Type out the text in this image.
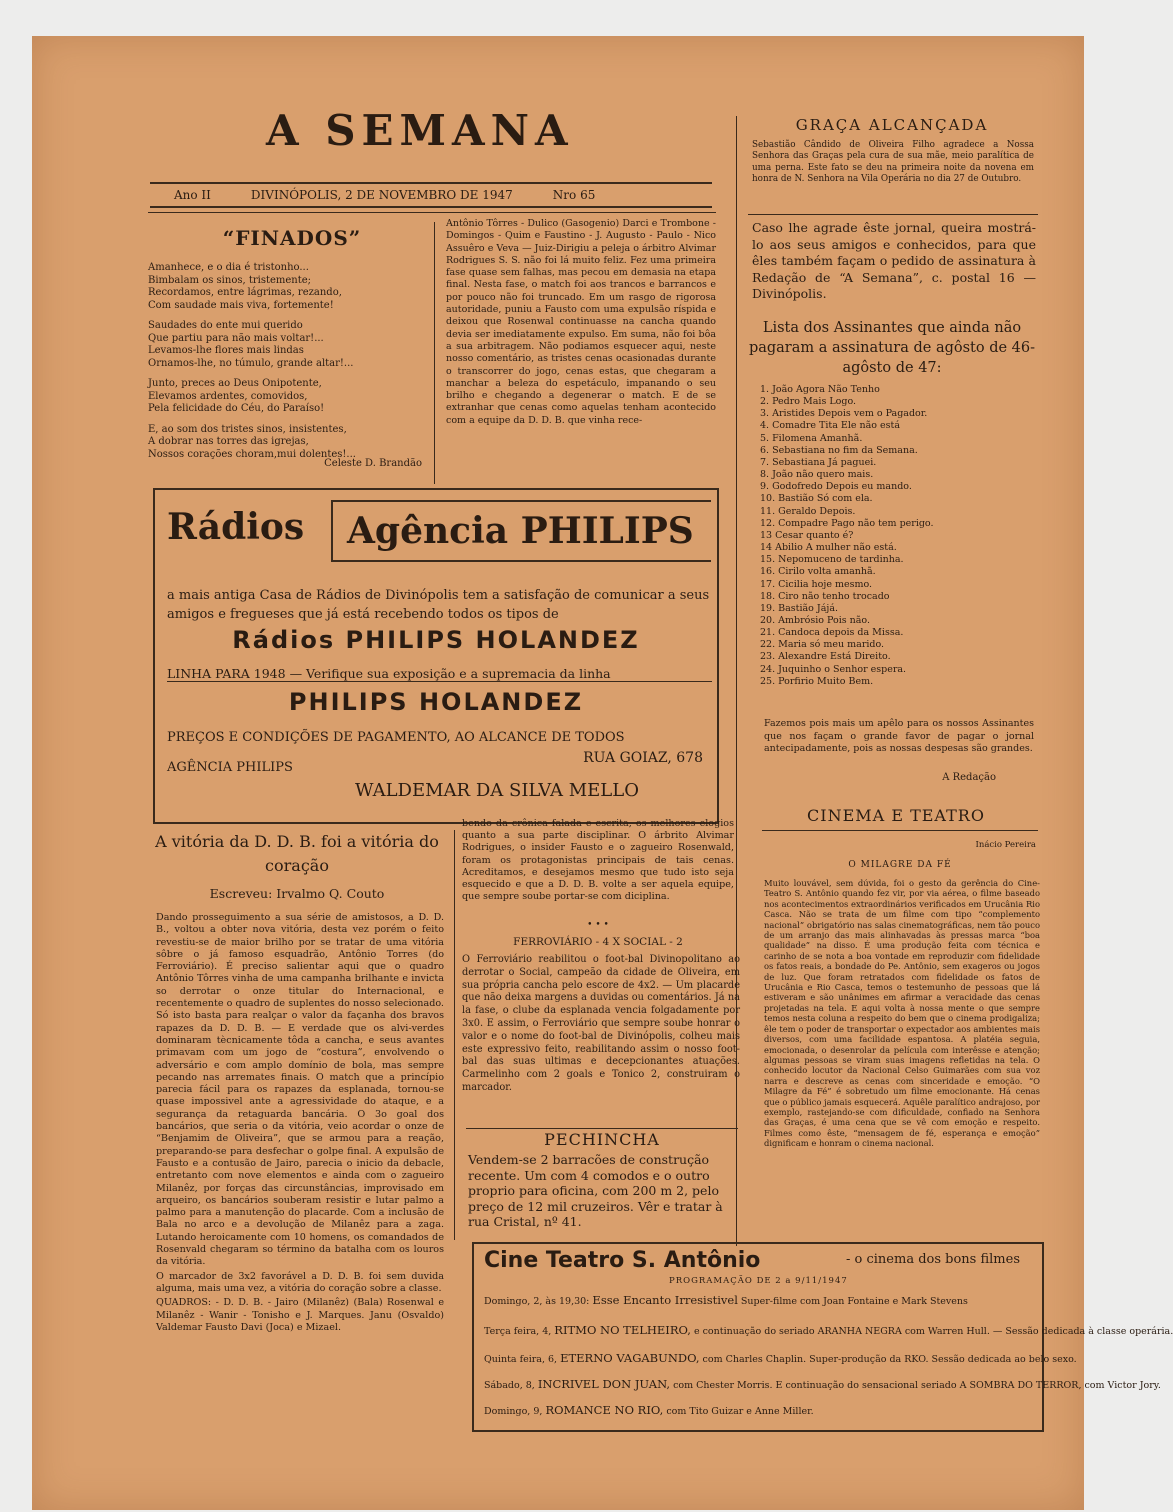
A SEMANA
Ano II	DIVINÓPOLIS, 2 DE NOVEMBRO DE 1947	Nro 65
“FINADOS”
Amanhece, e o dia é tristonho...
Bimbalam os sinos, tristemente;
Recordamos, entre lágrimas, rezando,
Com saudade mais viva, fortemente!
Saudades do ente mui querido
Que partiu para não mais voltar!...
Levamos-lhe flores mais lindas
Ornamos-lhe, no túmulo, grande altar!...
Junto, preces ao Deus Onipotente,
Elevamos ardentes, comovidos,
Pela felicidade do Céu, do Paraíso!
E, ao som dos tristes sinos, insistentes,
A dobrar nas torres das igrejas,
Nossos corações choram,mui dolentes!...
Celeste D. Brandão
Antônio Tôrres - Dulico (Gasogenio) Darci e Trombone - Domingos - Quim e Faustino - J. Augusto - Paulo - Nico Assuêro e Veva — Juiz-Dirigiu a peleja o árbitro Alvimar Rodrigues S. S. não foi lá muito feliz. Fez uma primeira fase quase sem falhas, mas pecou em demasia na etapa final. Nesta fase, o match foi aos trancos e barrancos e por pouco não foi truncado. Em um rasgo de rigorosa autoridade, puniu a Fausto com uma expulsão ríspida e deixou que Rosenwal continuasse na cancha quando devia ser imediatamente expulso. Em suma, não foi bôa a sua arbitragem. Não podiamos esquecer aqui, neste nosso comentário, as tristes cenas ocasionadas durante o transcorrer do jogo, cenas estas, que chegaram a manchar a beleza do espetáculo, impanando o seu brilho e chegando a degenerar o match. E de se extranhar que cenas como aquelas tenham acontecido com a equipe da D. D. B. que vinha rece-
GRAÇA ALCANÇADA
Sebastião Cândido de Oliveira Filho agradece a Nossa Senhora das Graças pela cura de sua mãe, meio paralítica de uma perna. Este fato se deu na primeira noite da novena em honra de N. Senhora na Vila Operária no dia 27 de Outubro.
Caso lhe agrade êste jornal, queira mostrá-lo aos seus amigos e conhecidos, para que êles também façam o pedido de assinatura à Redação de “A Semana”, c. postal 16 — Divinópolis.
Lista dos Assinantes que ainda não pagaram a assinatura de agôsto de 46-agôsto de 47:
1. João Agora Não Tenho
2. Pedro Mais Logo.
3. Aristides Depois vem o Pagador.
4. Comadre Tita Ele não está
5. Filomena Amanhã.
6. Sebastiana no fim da Semana.
7. Sebastiana Já paguei.
8. João não quero mais.
9. Godofredo Depois eu mando.
10. Bastião Só com ela.
11. Geraldo Depois.
12. Compadre Pago não tem perigo.
13 Cesar quanto é?
14 Abilio A mulher não está.
15. Nepomuceno de tardinha.
16. Cirilo volta amanhã.
17. Cicilia hoje mesmo.
18. Ciro não tenho trocado
19. Bastião Jájá.
20. Ambrósio Pois não.
21. Candoca depois da Missa.
22. Maria só meu marido.
23. Alexandre Está Direito.
24. Juquinho o Senhor espera.
25. Porfirio Muito Bem.
Fazemos pois mais um apêlo para os nossos Assinantes que nos façam o grande favor de pagar o jornal antecipadamente, pois as nossas despesas são grandes.
A Redação
Rádios	Agência PHILIPS
a mais antiga Casa de Rádios de Divinópolis tem a satisfação de comunicar a seus amigos e fregueses que já está recebendo todos os tipos de
Rádios PHILIPS HOLANDEZ
LINHA PARA 1948 — Verifique sua exposição e a supremacia da linha
PHILIPS HOLANDEZ
PREÇOS E CONDIÇÕES DE PAGAMENTO, AO ALCANCE DE TODOS
RUA GOIAZ, 678
AGÊNCIA PHILIPS
WALDEMAR DA SILVA MELLO
A vitória da D. D. B. foi a vitória do coração
Escreveu: Irvalmo Q. Couto
Dando prosseguimento a sua série de amistosos, a D. D. B., voltou a obter nova vitória, desta vez porém o feito revestiu-se de maior brilho por se tratar de uma vitória sôbre o já famoso esquadrão, Antônio Torres (do Ferroviário). É preciso salientar aqui que o quadro Antônio Tôrres vinha de uma campanha brilhante e invicta so derrotar o onze titular do Internacional, e recentemente o quadro de suplentes do nosso selecionado. Só isto basta para realçar o valor da façanha dos bravos rapazes da D. D. B. — E verdade que os alvi-verdes dominaram tècnicamente tôda a cancha, e seus avantes primavam com um jogo de “costura”, envolvendo o adversário e com amplo domínio de bola, mas sempre pecando nas arremates finais. O match que a princípio parecia fácil para os rapazes da esplanada, tornou-se quase impossivel ante a agressividade do ataque, e a segurança da retaguarda bancária. O 3o goal dos bancários, que seria o da vitória, veio acordar o onze de “Benjamim de Oliveira”, que se armou para a reação, preparando-se para desfechar o golpe final. A expulsão de Fausto e a contusão de Jairo, parecia o inicio da debacle, entretanto com nove elementos e ainda com o zagueiro Milanêz, por forças das circunstâncias, improvisado em arqueiro, os bancários souberam resistir e lutar palmo a palmo para a manutenção do placarde. Com a inclusão de Bala no arco e a devolução de Milanêz para a zaga. Lutando heroicamente com 10 homens, os comandados de Rosenvald chegaram so término da batalha com os louros da vitória.
O marcador de 3x2 favorável a D. D. B. foi sem duvida alguma, mais uma vez, a vitória do coração sobre a classe.
QUADROS: - D. D. B. - Jairo (Milanêz) (Bala) Rosenwal e Milanêz - Wanir - Tonisho e J. Marques. Janu (Osvaldo) Valdemar Fausto Davi (Joca) e Mizael.
bendo da crônica falada e escrita, os melhores elogios quanto a sua parte disciplinar. O árbrito Alvimar Rodrigues, o insider Fausto e o zagueiro Rosenwald, foram os protagonistas principais de tais cenas. Acreditamos, e desejamos mesmo que tudo isto seja esquecido e que a D. D. B. volte a ser aquela equipe, que sempre soube portar-se com diciplina.
• • •
FERROVIÁRIO - 4 X SOCIAL - 2
O Ferroviário reabilitou o foot-bal Divinopolitano ao derrotar o Social, campeão da cidade de Oliveira, em sua própria cancha pelo escore de 4x2. — Um placarde que não deixa margens a duvidas ou comentários. Já na la fase, o clube da esplanada vencia folgadamente por 3x0. E assim, o Ferroviário que sempre soube honrar o valor e o nome do foot-bal de Divinópolis, colheu mais este expressivo feito, reabilitando assim o nosso foot-bal das suas ultimas e decepcionantes atuações. Carmelinho com 2 goals e Tonico 2, construiram o marcador.
PECHINCHA
Vendem-se 2 barracões de construção recente. Um com 4 comodos e o outro proprio para oficina, com 200 m 2, pelo preço de 12 mil cruzeiros. Vêr e tratar à rua Cristal, nº 41.
CINEMA E TEATRO
Inácio Pereira
O MILAGRE DA FÉ
Muito louvável, sem dúvida, foi o gesto da gerência do Cine-Teatro S. Antônio quando fez vir, por via aérea, o filme baseado nos acontecimentos extraordinários verificados em Urucânia Rio Casca. Não se trata de um filme com tipo “complemento nacional” obrigatório nas salas cinematográficas, nem tão pouco de um arranjo das mais alinhavadas às pressas marca “boa qualidade” na disso. É uma produção feita com técnica e carinho de se nota a boa vontade em reproduzir com fidelidade os fatos reais, a bondade do Pe. Antônio, sem exageros ou jogos de luz. Que foram retratados com fidelidade os fatos de Urucânia e Rio Casca, temos o testemunho de pessoas que lá estiveram e são unânimes em afirmar a veracidade das cenas projetadas na tela. E aqui volta à nossa mente o que sempre temos nesta coluna a respeito do bem que o cinema prodigaliza; êle tem o poder de transportar o expectador aos ambientes mais diversos, com uma facilidade espantosa. A platéia seguia, emocionada, o desenrolar da película com interêsse e atenção; algumas pessoas se viram suas imagens refletidas na tela. O conhecido locutor da Nacional Celso Guimarães com sua voz narra e descreve as cenas com sinceridade e emoção. “O Milagre da Fé” é sobretudo um filme emocionante. Há cenas que o público jamais esquecerá. Aquêle paralítico andrajoso, por exemplo, rastejando-se com dificuldade, confiado na Senhora das Graças, é uma cena que se vê com emoção e respeito. Filmes como êste, “mensagem de fé, esperança e emoção” dignificam e honram o cinema nacional.
Cine Teatro S. Antônio	- o cinema dos bons filmes
PROGRAMAÇÃO DE 2 a 9/11/1947
Domingo, 2, às 19,30: Esse Encanto Irresistivel Super-filme com Joan Fontaine e Mark Stevens
Terça feira, 4, RITMO NO TELHEIRO, e continuação do seriado ARANHA NEGRA com Warren Hull. — Sessão dedicada à classe operária.
Quinta feira, 6, ETERNO VAGABUNDO, com Charles Chaplin. Super-produção da RKO. Sessão dedicada ao belo sexo.
Sábado, 8, INCRIVEL DON JUAN, com Chester Morris. E continuação do sensacional seriado A SOMBRA DO TERROR, com Victor Jory.
Domingo, 9, ROMANCE NO RIO, com Tito Guizar e Anne Miller.
